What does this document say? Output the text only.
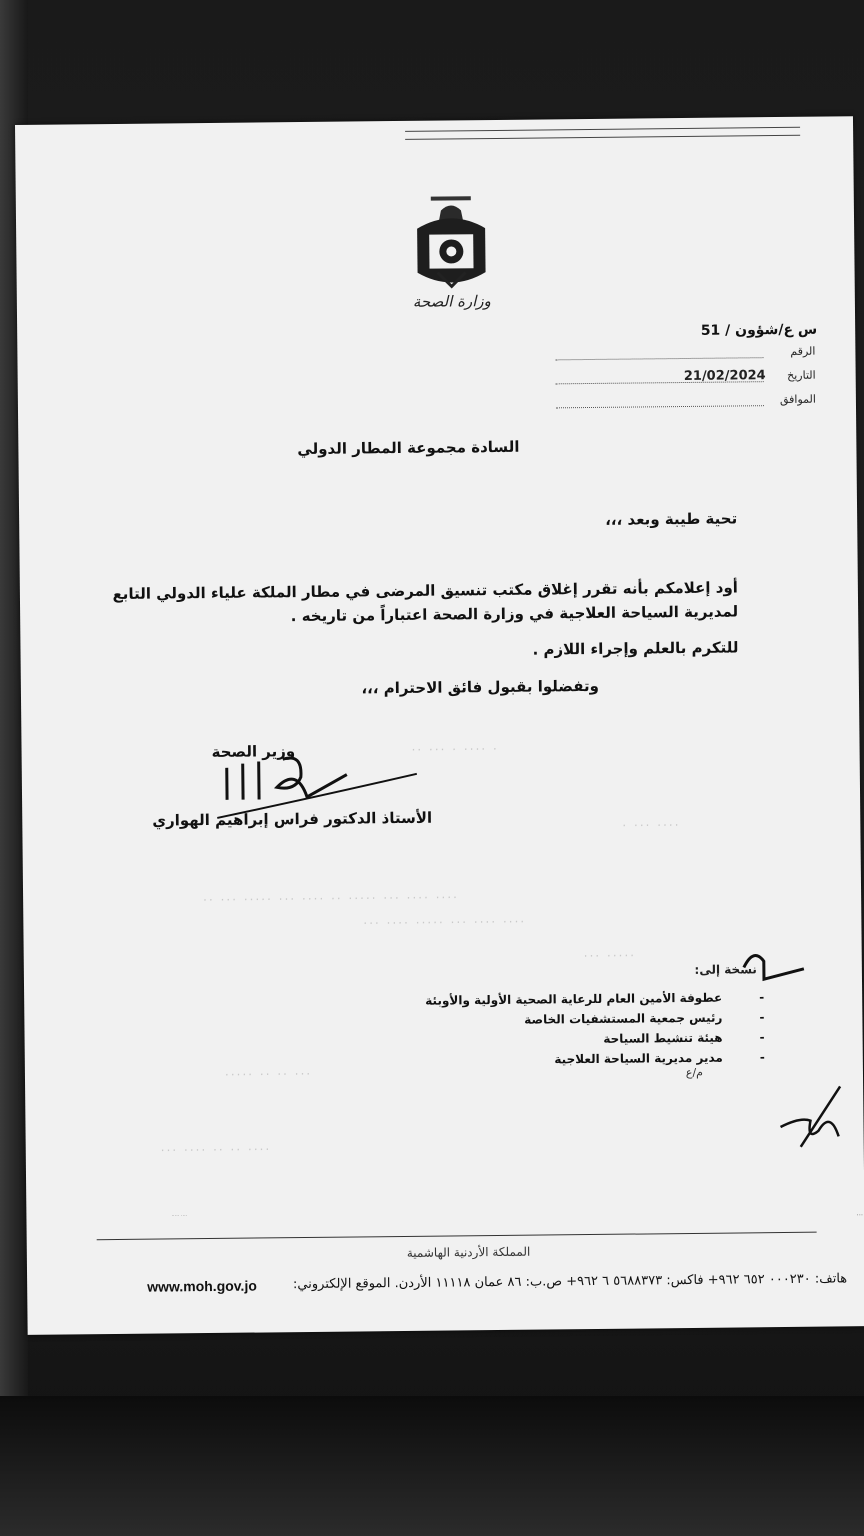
وزارة الصحة
س ع/شؤون / 51
الرقم
التاريخ
21/02/2024
الموافق
السادة مجموعة المطار الدولي
تحية طيبة وبعد ،،،
أود إعلامكم بأنه تقرر إغلاق مكتب تنسيق المرضى في مطار الملكة علياء الدولي التابع
لمديرية السياحة العلاجية في وزارة الصحة اعتباراً من تاريخه .
للتكرم بالعلم وإجراء اللازم .
وتفضلوا بقبول فائق الاحترام ،،،
وزير الصحة
الأستاذ الدكتور فراس إبراهيم الهواري
·· ··· · ···· ·
· ··· ····
·· ··· ····· ··· ···· ·· ····· ··· ···· ····
··· ···· ····· ··· ···· ····
··· ·····
····· ·· ·· ···
··· ···· ·· ·· ····
نسخة إلى:
عطوفة الأمين العام للرعاية الصحية الأولية والأوبئة -
رئيس جمعية المستشفيات الخاصة -
هيئة تنشيط السياحة -
مدير مديرية السياحة العلاجية -
م/ع
····· ····	···
المملكة الأردنية الهاشمية
هاتف: ٠٠٠٢٣٠ ٦٥٢ ٩٦٢+ فاكس: ٥٦٨٨٣٧٣ ٦ ٩٦٢+ ص.ب: ٨٦ عمان ١١١١٨ الأردن. الموقع الإلكتروني:
www.moh.gov.jo
